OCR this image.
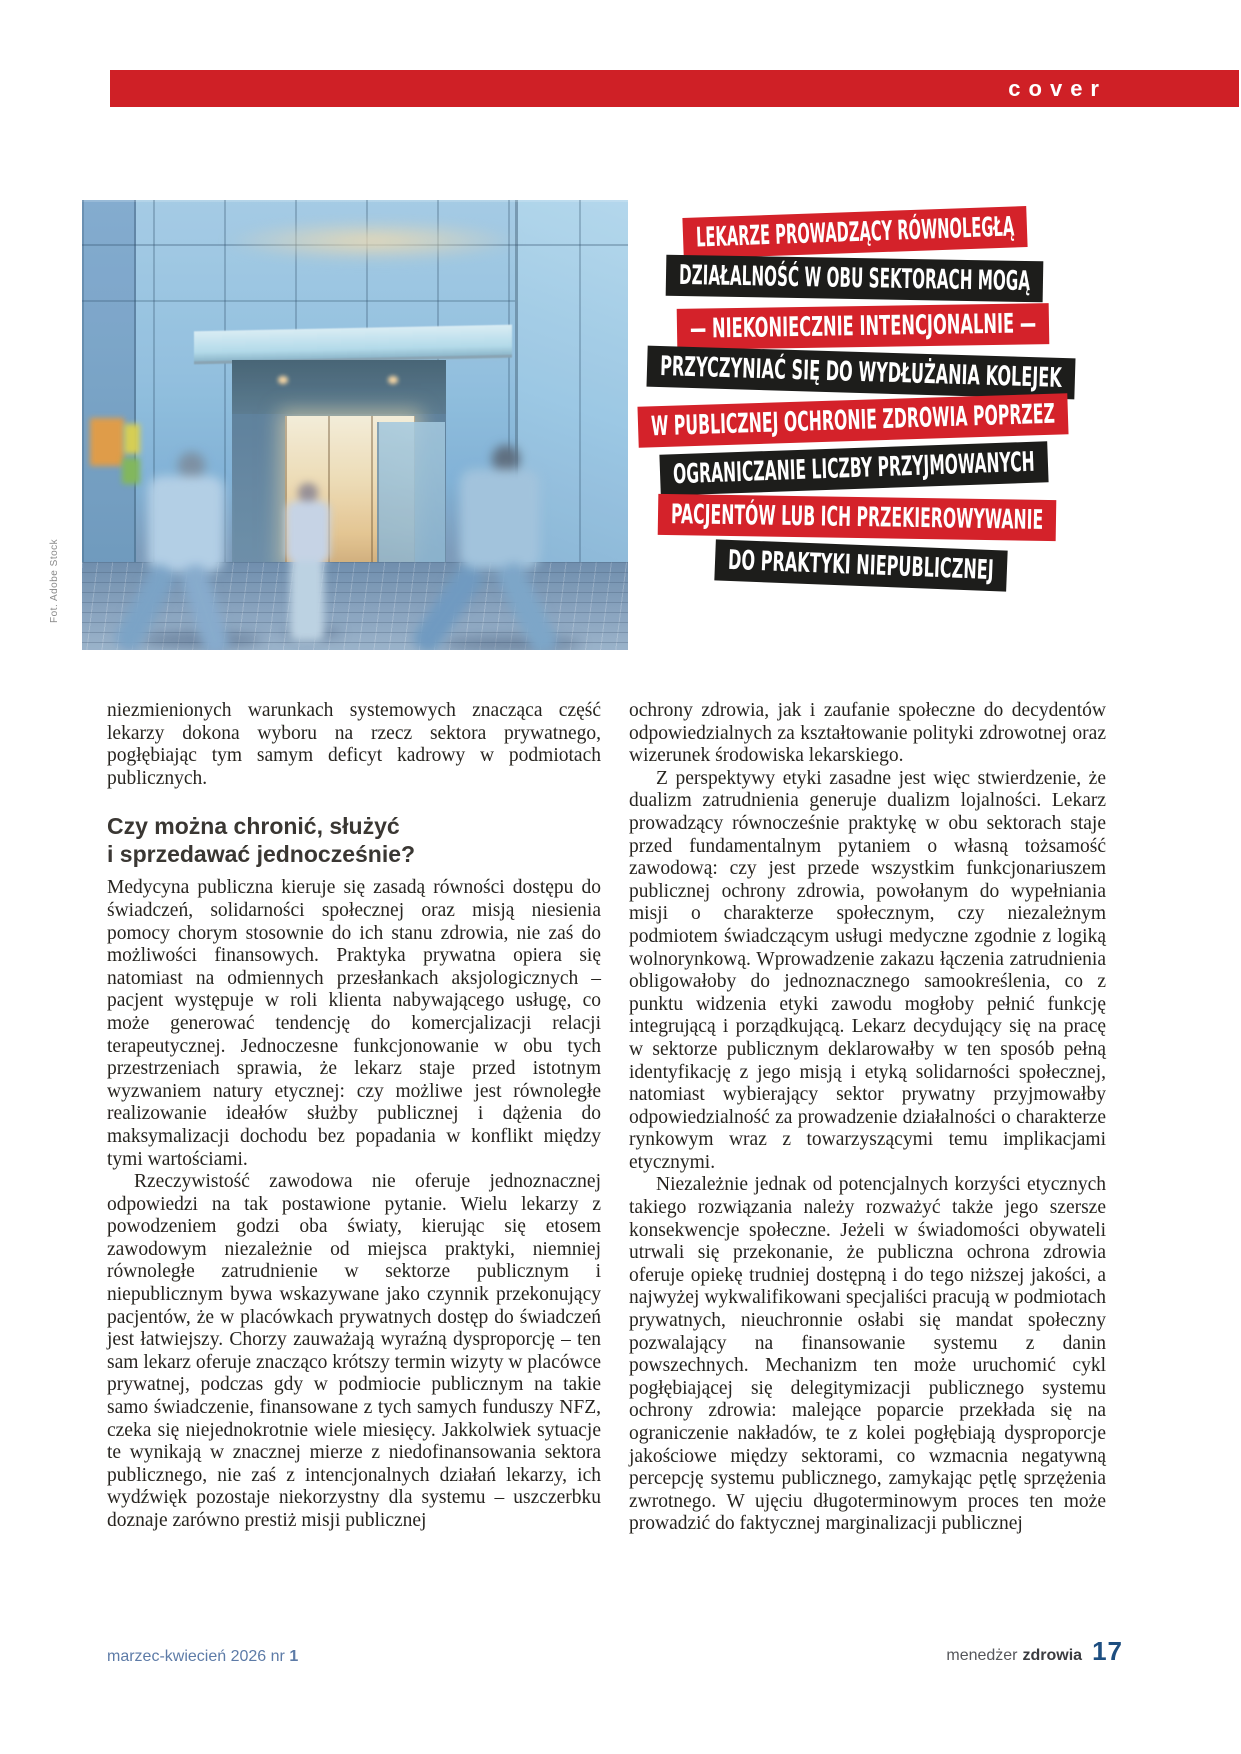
cover
Fot. Adobe Stock
LEKARZE PROWADZĄCY RÓWNOLEGŁĄ
DZIAŁALNOŚĆ W OBU SEKTORACH MOGĄ
— NIEKONIECZNIE INTENCJONALNIE —
PRZYCZYNIAĆ SIĘ DO WYDŁUŻANIA KOLEJEK
W PUBLICZNEJ OCHRONIE ZDROWIA POPRZEZ
OGRANICZANIE LICZBY PRZYJMOWANYCH
PACJENTÓW LUB ICH PRZEKIEROWYWANIE
DO PRAKTYKI NIEPUBLICZNEJ

niezmienionych warunkach systemowych znacząca część lekarzy dokona wyboru na rzecz sektora prywatnego, pogłębiając tym samym deficyt kadrowy w podmiotach publicznych.

Czy można chronić, służyć
i sprzedawać jednocześnie?

Medycyna publiczna kieruje się zasadą równości dostępu do świadczeń, solidarności społecznej oraz misją niesienia pomocy chorym stosownie do ich stanu zdrowia, nie zaś do możliwości finansowych. Praktyka prywatna opiera się natomiast na odmiennych przesłankach aksjologicznych – pacjent występuje w roli klienta nabywającego usługę, co może generować tendencję do komercjalizacji relacji terapeutycznej. Jednoczesne funkcjonowanie w obu tych przestrzeniach sprawia, że lekarz staje przed istotnym wyzwaniem natury etycznej: czy możliwe jest równoległe realizowanie ideałów służby publicznej i dążenia do maksymalizacji dochodu bez popadania w konflikt między tymi wartościami.

Rzeczywistość zawodowa nie oferuje jednoznacznej odpowiedzi na tak postawione pytanie. Wielu lekarzy z powodzeniem godzi oba światy, kierując się etosem zawodowym niezależnie od miejsca praktyki, niemniej równoległe zatrudnienie w sektorze publicznym i niepublicznym bywa wskazywane jako czynnik przekonujący pacjentów, że w placówkach prywatnych dostęp do świadczeń jest łatwiejszy. Chorzy zauważają wyraźną dysproporcję – ten sam lekarz oferuje znacząco krótszy termin wizyty w placówce prywatnej, podczas gdy w podmiocie publicznym na takie samo świadczenie, finansowane z tych samych funduszy NFZ, czeka się niejednokrotnie wiele miesięcy. Jakkolwiek sytuacje te wynikają w znacznej mierze z niedofinansowania sektora publicznego, nie zaś z intencjonalnych działań lekarzy, ich wydźwięk pozostaje niekorzystny dla systemu – uszczerbku doznaje zarówno prestiż misji publicznej

ochrony zdrowia, jak i zaufanie społeczne do decydentów odpowiedzialnych za kształtowanie polityki zdrowotnej oraz wizerunek środowiska lekarskiego.

Z perspektywy etyki zasadne jest więc stwierdzenie, że dualizm zatrudnienia generuje dualizm lojalności. Lekarz prowadzący równocześnie praktykę w obu sektorach staje przed fundamentalnym pytaniem o własną tożsamość zawodową: czy jest przede wszystkim funkcjonariuszem publicznej ochrony zdrowia, powołanym do wypełniania misji o charakterze społecznym, czy niezależnym podmiotem świadczącym usługi medyczne zgodnie z logiką wolnorynkową. Wprowadzenie zakazu łączenia zatrudnienia obligowałoby do jednoznacznego samookreślenia, co z punktu widzenia etyki zawodu mogłoby pełnić funkcję integrującą i porządkującą. Lekarz decydujący się na pracę w sektorze publicznym deklarowałby w ten sposób pełną identyfikację z jego misją i etyką solidarności społecznej, natomiast wybierający sektor prywatny przyjmowałby odpowiedzialność za prowadzenie działalności o charakterze rynkowym wraz z towarzyszącymi temu implikacjami etycznymi.

Niezależnie jednak od potencjalnych korzyści etycznych takiego rozwiązania należy rozważyć także jego szersze konsekwencje społeczne. Jeżeli w świadomości obywateli utrwali się przekonanie, że publiczna ochrona zdrowia oferuje opiekę trudniej dostępną i do tego niższej jakości, a najwyżej wykwalifikowani specjaliści pracują w podmiotach prywatnych, nieuchronnie osłabi się mandat społeczny pozwalający na finansowanie systemu z danin powszechnych. Mechanizm ten może uruchomić cykl pogłębiającej się delegitymizacji publicznego systemu ochrony zdrowia: malejące poparcie przekłada się na ograniczenie nakładów, te z kolei pogłębiają dysproporcje jakościowe między sektorami, co wzmacnia negatywną percepcję systemu publicznego, zamykając pętlę sprzężenia zwrotnego. W ujęciu długoterminowym proces ten może prowadzić do faktycznej marginalizacji publicznej

marzec-kwiecień 2026 nr 1	menedżer zdrowia 17
